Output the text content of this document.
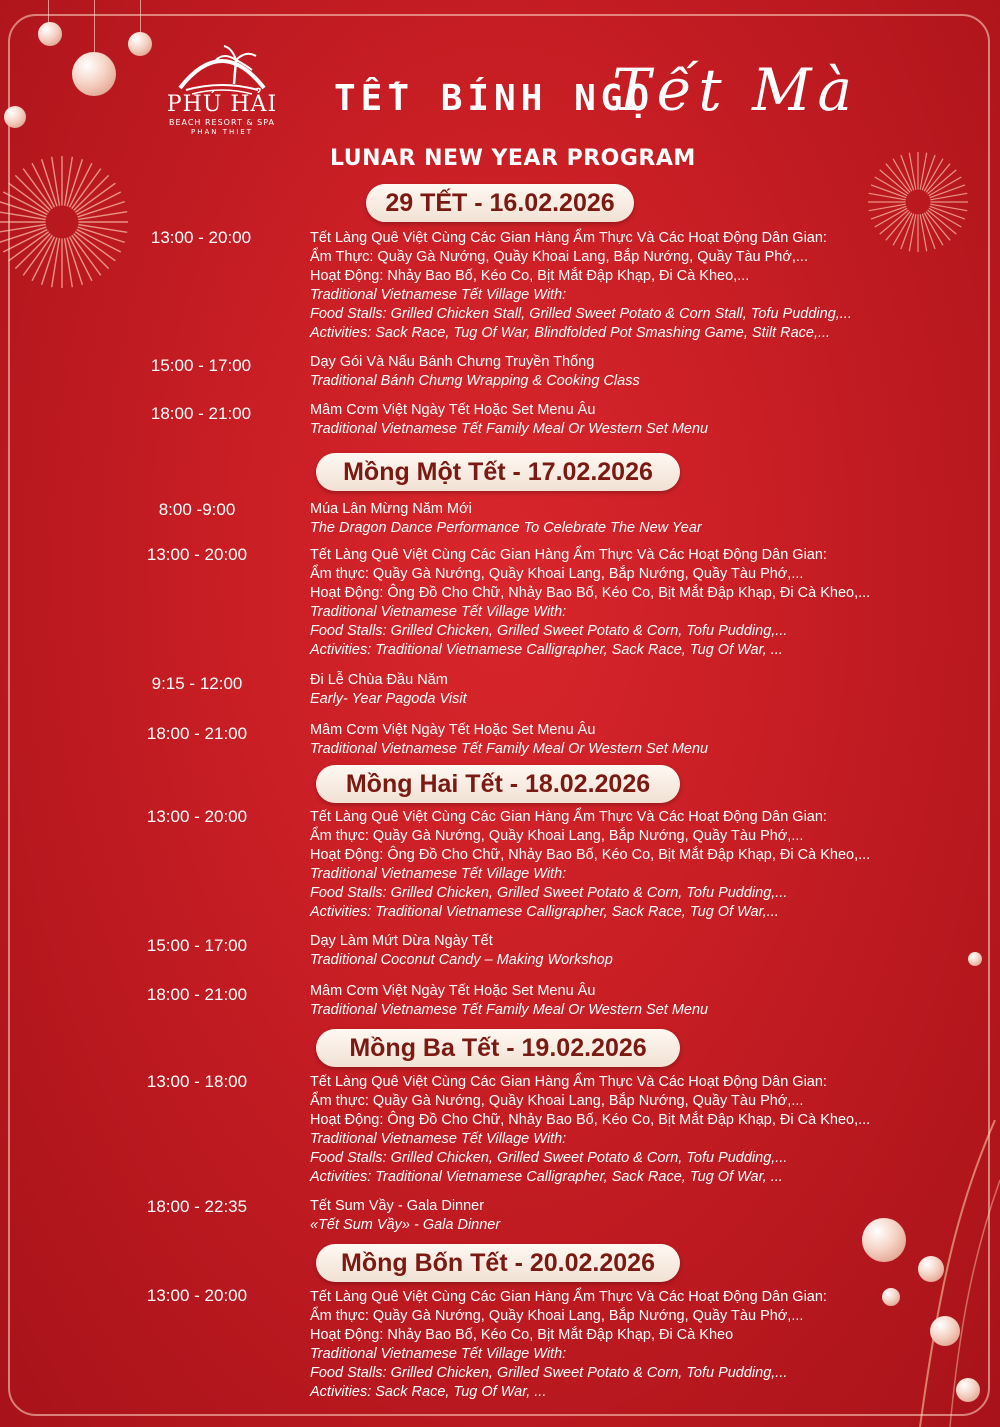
PHÚ HẢI
BEACH RESORT & SPA
PHAN THIET
TẾT BÍNH NGỌ
Tết Mà
LUNAR NEW YEAR PROGRAM
29 TẾT - 16.02.2026
13:00 - 20:00	Tết Làng Quê Việt Cùng Các Gian Hàng Ẩm Thực Và Các Hoạt Động Dân Gian:
Ẩm Thực: Quầy Gà Nướng, Quầy Khoai Lang, Bắp Nướng, Quầy Tàu Phớ,...
Hoạt Động: Nhảy Bao Bố, Kéo Co, Bịt Mắt Đập Khạp, Đi Cà Kheo,...
Traditional Vietnamese Tết Village With:
Food Stalls: Grilled Chicken Stall, Grilled Sweet Potato & Corn Stall, Tofu Pudding,...
Activities: Sack Race, Tug Of War, Blindfolded Pot Smashing Game, Stilt Race,...
15:00 - 17:00	Dạy Gói Và Nấu Bánh Chưng Truyền Thống
Traditional Bánh Chưng Wrapping & Cooking Class
18:00 - 21:00	Mâm Cơm Việt Ngày Tết Hoặc Set Menu Âu
Traditional Vietnamese Tết Family Meal Or Western Set Menu
Mồng Một Tết - 17.02.2026
8:00 -9:00	Múa Lân Mừng Năm Mới
The Dragon Dance Performance To Celebrate The New Year
13:00 - 20:00	Tết Làng Quê Việt Cùng Các Gian Hàng Ẩm Thực Và Các Hoạt Động Dân Gian:
Ẩm thực: Quầy Gà Nướng, Quầy Khoai Lang, Bắp Nướng, Quầy Tàu Phớ,...
Hoạt Động: Ông Đồ Cho Chữ, Nhảy Bao Bố, Kéo Co, Bịt Mắt Đập Khạp, Đi Cà Kheo,...
Traditional Vietnamese Tết Village With:
Food Stalls: Grilled Chicken, Grilled Sweet Potato & Corn, Tofu Pudding,...
Activities: Traditional Vietnamese Calligrapher, Sack Race, Tug Of War, ...
9:15 - 12:00	Đi Lễ Chùa Đầu Năm
Early- Year Pagoda Visit
18:00 - 21:00	Mâm Cơm Việt Ngày Tết Hoặc Set Menu Âu
Traditional Vietnamese Tết Family Meal Or Western Set Menu
Mồng Hai Tết - 18.02.2026
13:00 - 20:00	Tết Làng Quê Việt Cùng Các Gian Hàng Ẩm Thực Và Các Hoạt Động Dân Gian:
Ẩm thực: Quầy Gà Nướng, Quầy Khoai Lang, Bắp Nướng, Quầy Tàu Phớ,...
Hoạt Động: Ông Đồ Cho Chữ, Nhảy Bao Bố, Kéo Co, Bịt Mắt Đập Khạp, Đi Cà Kheo,...
Traditional Vietnamese Tết Village With:
Food Stalls: Grilled Chicken, Grilled Sweet Potato & Corn, Tofu Pudding,...
Activities: Traditional Vietnamese Calligrapher, Sack Race, Tug Of War,...
15:00 - 17:00	Dạy Làm Mứt Dừa Ngày Tết
Traditional Coconut Candy – Making Workshop
18:00 - 21:00	Mâm Cơm Việt Ngày Tết Hoặc Set Menu Âu
Traditional Vietnamese Tết Family Meal Or Western Set Menu
Mồng Ba Tết - 19.02.2026
13:00 - 18:00	Tết Làng Quê Việt Cùng Các Gian Hàng Ẩm Thực Và Các Hoạt Động Dân Gian:
Ẩm thực: Quầy Gà Nướng, Quầy Khoai Lang, Bắp Nướng, Quầy Tàu Phớ,...
Hoạt Động: Ông Đồ Cho Chữ, Nhảy Bao Bố, Kéo Co, Bịt Mắt Đập Khạp, Đi Cà Kheo,...
Traditional Vietnamese Tết Village With:
Food Stalls: Grilled Chicken, Grilled Sweet Potato & Corn, Tofu Pudding,...
Activities: Traditional Vietnamese Calligrapher, Sack Race, Tug Of War, ...
18:00 - 22:35	Tết Sum Vầy - Gala Dinner
«Tết Sum Vầy» - Gala Dinner
Mồng Bốn Tết - 20.02.2026
13:00 - 20:00	Tết Làng Quê Việt Cùng Các Gian Hàng Ẩm Thực Và Các Hoạt Động Dân Gian:
Ẩm thực: Quầy Gà Nướng, Quầy Khoai Lang, Bắp Nướng, Quầy Tàu Phớ,...
Hoạt Động: Nhảy Bao Bố, Kéo Co, Bịt Mắt Đập Khạp, Đi Cà Kheo
Traditional Vietnamese Tết Village With:
Food Stalls: Grilled Chicken, Grilled Sweet Potato & Corn, Tofu Pudding,...
Activities: Sack Race, Tug Of War, ...
